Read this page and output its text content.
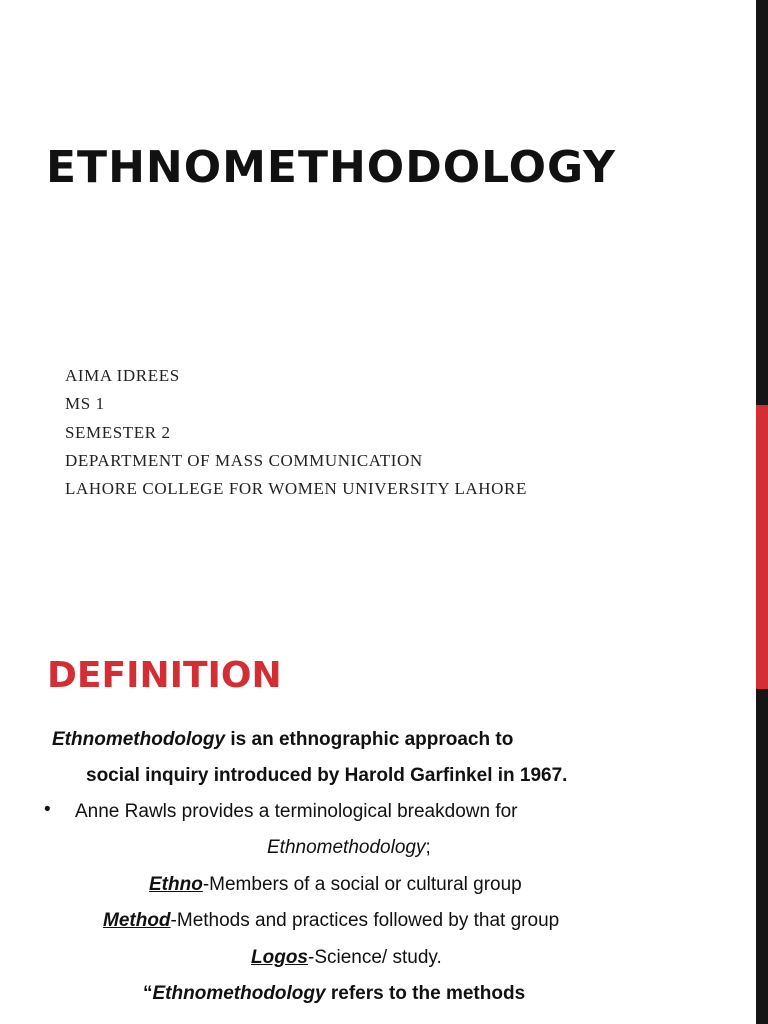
ETHNOMETHODOLOGY
AIMA IDREES
MS 1
SEMESTER 2
DEPARTMENT OF MASS COMMUNICATION
LAHORE COLLEGE FOR WOMEN UNIVERSITY LAHORE
DEFINITION
Ethnomethodology is an ethnographic approach to
social inquiry introduced by Harold Garfinkel in 1967.
• Anne Rawls provides a terminological breakdown for
Ethnomethodology;
Ethno-Members of a social or cultural group
Method-Methods and practices followed by that group
Logos-Science/ study.
“Ethnomethodology refers to the methods
